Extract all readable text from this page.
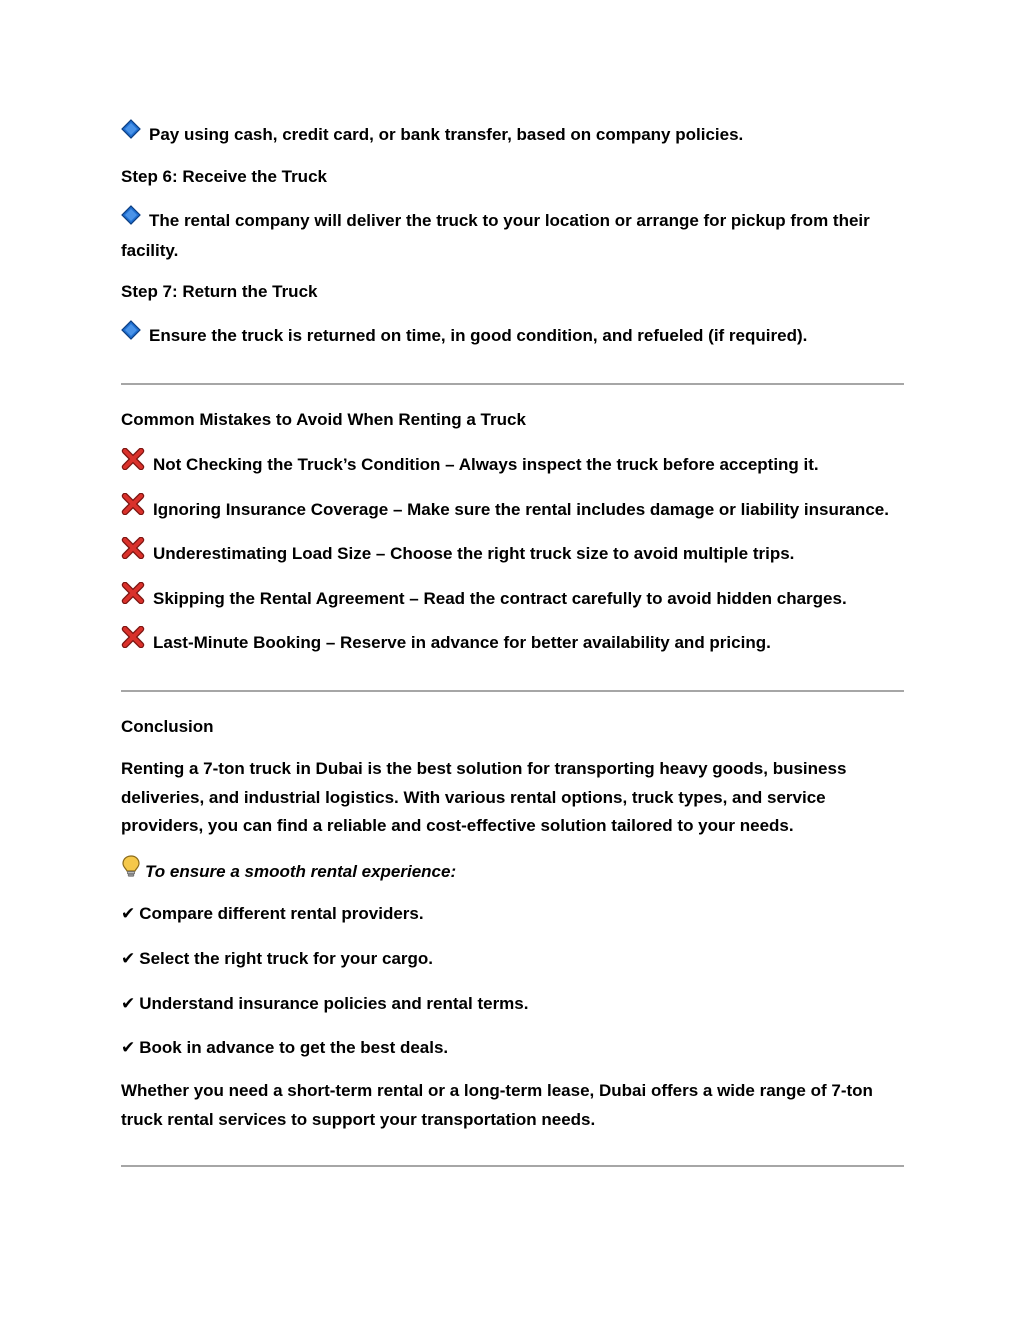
Pay using cash, credit card, or bank transfer, based on company policies.
Step 6: Receive the Truck
The rental company will deliver the truck to your location or arrange for pickup from their facility.
Step 7: Return the Truck
Ensure the truck is returned on time, in good condition, and refueled (if required).
Common Mistakes to Avoid When Renting a Truck
Not Checking the Truck’s Condition – Always inspect the truck before accepting it.
Ignoring Insurance Coverage – Make sure the rental includes damage or liability insurance.
Underestimating Load Size – Choose the right truck size to avoid multiple trips.
Skipping the Rental Agreement – Read the contract carefully to avoid hidden charges.
Last-Minute Booking – Reserve in advance for better availability and pricing.
Conclusion
Renting a 7-ton truck in Dubai is the best solution for transporting heavy goods, business deliveries, and industrial logistics. With various rental options, truck types, and service providers, you can find a reliable and cost-effective solution tailored to your needs.
To ensure a smooth rental experience:
✔ Compare different rental providers.
✔ Select the right truck for your cargo.
✔ Understand insurance policies and rental terms.
✔ Book in advance to get the best deals.
Whether you need a short-term rental or a long-term lease, Dubai offers a wide range of 7-ton truck rental services to support your transportation needs.
